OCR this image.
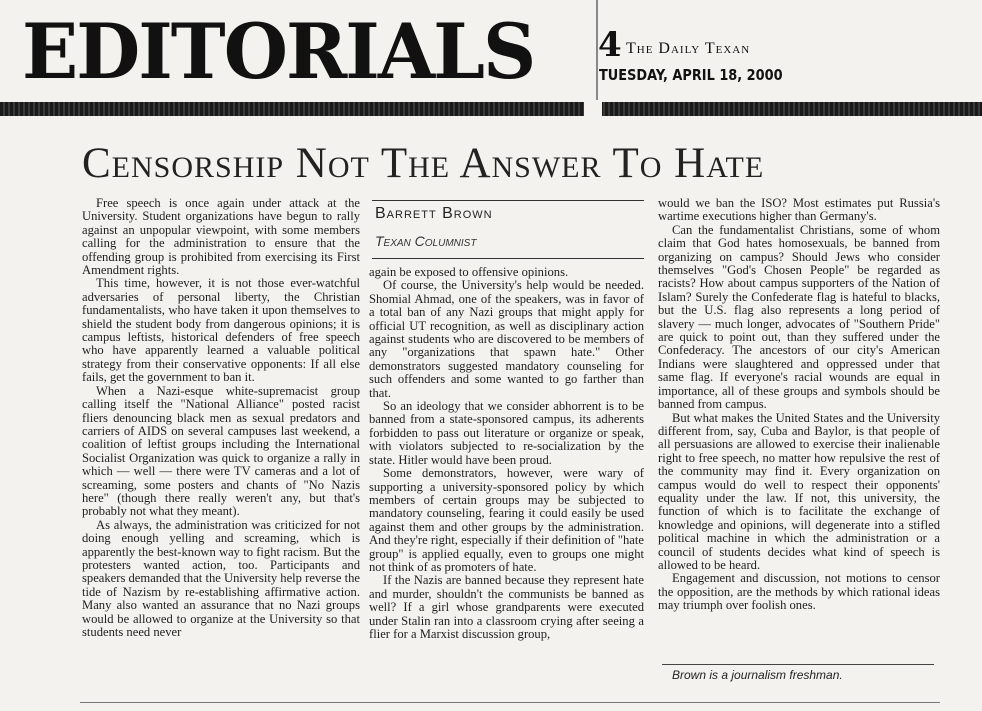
EDITORIALS	4 The Daily Texan
TUESDAY, APRIL 18, 2000
Censorship Not The Answer To Hate

Free speech is once again under attack at the University. Student organizations have begun to rally against an unpopular viewpoint, with some members calling for the administration to ensure that the offending group is prohibited from exercising its First Amendment rights.

This time, however, it is not those ever-watchful adversaries of personal liberty, the Christian fundamentalists, who have taken it upon themselves to shield the student body from dangerous opinions; it is campus leftists, historical defenders of free speech who have apparently learned a valuable political strategy from their conservative opponents: If all else fails, get the government to ban it.

When a Nazi-esque white-supremacist group calling itself the "National Alliance" posted racist fliers denouncing black men as sexual predators and carriers of AIDS on several campuses last weekend, a coalition of leftist groups including the International Socialist Organization was quick to organize a rally in which — well — there were TV cameras and a lot of screaming, some posters and chants of "No Nazis here" (though there really weren't any, but that's probably not what they meant).

As always, the administration was criticized for not doing enough yelling and screaming, which is apparently the best-known way to fight racism. But the protesters wanted action, too. Participants and speakers demanded that the University help reverse the tide of Nazism by re-establishing affirmative action. Many also wanted an assurance that no Nazi groups would be allowed to organize at the University so that students need never

Barrett Brown
Texan Columnist

again be exposed to offensive opinions.

Of course, the University's help would be needed. Shomial Ahmad, one of the speakers, was in favor of a total ban of any Nazi groups that might apply for official UT recognition, as well as disciplinary action against students who are discovered to be members of any "organizations that spawn hate." Other demonstrators suggested mandatory counseling for such offenders and some wanted to go farther than that.

So an ideology that we consider abhorrent is to be banned from a state-sponsored campus, its adherents forbidden to pass out literature or organize or speak, with violators subjected to re-socialization by the state. Hitler would have been proud.

Some demonstrators, however, were wary of supporting a university-sponsored policy by which members of certain groups may be subjected to mandatory counseling, fearing it could easily be used against them and other groups by the administration. And they're right, especially if their definition of "hate group" is applied equally, even to groups one might not think of as promoters of hate.

If the Nazis are banned because they represent hate and murder, shouldn't the communists be banned as well? If a girl whose grandparents were executed under Stalin ran into a classroom crying after seeing a flier for a Marxist discussion group,

would we ban the ISO? Most estimates put Russia's wartime executions higher than Germany's.

Can the fundamentalist Christians, some of whom claim that God hates homosexuals, be banned from organizing on campus? Should Jews who consider themselves "God's Chosen People" be regarded as racists? How about campus supporters of the Nation of Islam? Surely the Confederate flag is hateful to blacks, but the U.S. flag also represents a long period of slavery — much longer, advocates of "Southern Pride" are quick to point out, than they suffered under the Confederacy. The ancestors of our city's American Indians were slaughtered and oppressed under that same flag. If everyone's racial wounds are equal in importance, all of these groups and symbols should be banned from campus.

But what makes the United States and the University different from, say, Cuba and Baylor, is that people of all persuasions are allowed to exercise their inalienable right to free speech, no matter how repulsive the rest of the community may find it. Every organization on campus would do well to respect their opponents' equality under the law. If not, this university, the function of which is to facilitate the exchange of knowledge and opinions, will degenerate into a stifled political machine in which the administration or a council of students decides what kind of speech is allowed to be heard.

Engagement and discussion, not motions to censor the opposition, are the methods by which rational ideas may triumph over foolish ones.

Brown is a journalism freshman.
